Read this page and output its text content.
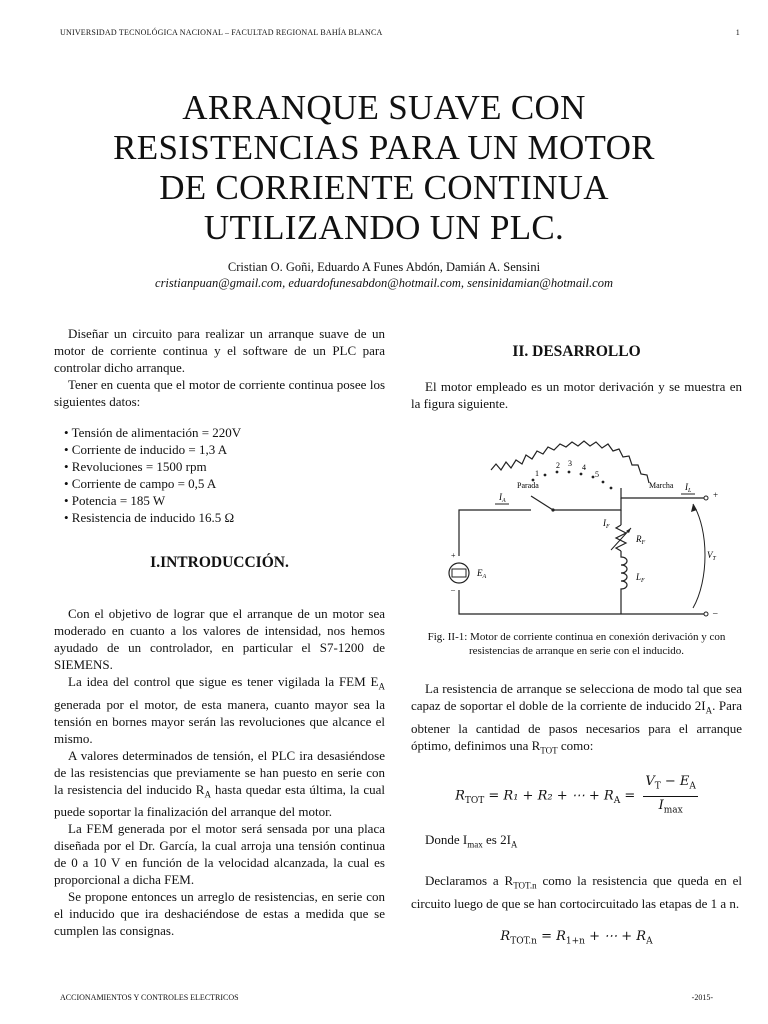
UNIVERSIDAD TECNOLÓGICA NACIONAL – FACULTAD REGIONAL BAHÍA BLANCA	1
ARRANQUE SUAVE CON
RESISTENCIAS PARA UN MOTOR
DE CORRIENTE CONTINUA
UTILIZANDO UN PLC.
Cristian O. Goñi, Eduardo A Funes Abdón, Damián A. Sensini
cristianpuan@gmail.com, eduardofunesabdon@hotmail.com, sensinidamian@hotmail.com

Diseñar un circuito para realizar un arranque suave de un motor de corriente continua y el software de un PLC para controlar dicho arranque.

Tener en cuenta que el motor de corriente continua posee los siguientes datos:

• Tensión de alimentación = 220V
• Corriente de inducido = 1,3 A
• Revoluciones = 1500 rpm
• Corriente de campo = 0,5 A
• Potencia = 185 W
• Resistencia de inducido 16.5 Ω
I.INTRODUCCIÓN.

Con el objetivo de lograr que el arranque de un motor sea moderado en cuanto a los valores de intensidad, nos hemos ayudado de un controlador, en particular el S7-1200 de SIEMENS.

La idea del control que sigue es tener vigilada la FEM $E_A$ generada por el motor, de esta manera, cuanto mayor sea la tensión en bornes mayor serán las revoluciones que alcance el mismo.

A valores determinados de tensión, el PLC ira desasiéndose de las resistencias que previamente se han puesto en serie con la resistencia del inducido $R_A$ hasta quedar esta última, la cual puede soportar la finalización del arranque del motor.

La FEM generada por el motor será sensada por una placa diseñada por el Dr. García, la cual arroja una tensión continua de 0 a 10 V en función de la velocidad alcanzada, la cual es proporcional a dicha FEM.

Se propone entonces un arreglo de resistencias, en serie con el inducido que ira deshaciéndose de estas a medida que se cumplen las consignas.

II. DESARROLLO

El motor empleado es un motor derivación y se muestra en la figura siguiente.

1
2 3 4
5
Parada	Marcha
+
–
+
–
$E_A$
$I_A$
$I_L$
$I_F$
$R_F$
$L_F$
$V_T$
Fig. II-1: Motor de corriente continua en conexión derivación y con resistencias de arranque en serie con el inducido.

La resistencia de arranque se selecciona de modo tal que sea capaz de soportar el doble de la corriente de inducido $2I_A$. Para obtener la cantidad de pasos necesarios para el arranque óptimo, definimos una $R_{TOT}$ como:

$R_{TOT} = R_1 + R_2$ + ⋯ + $R_A = \frac{V_T - E_A}{I_{max}}$

Donde $I_{max}$ es $2I_A$

Declaramos a $R_{TOT.n}$ como la resistencia que queda en el circuito luego de que se han cortocircuitado las etapas de 1 a n.

$R_{TOT.n} = R_{1+n}$ + ⋯ + $R_A$
ACCIONAMIENTOS Y CONTROLES ELECTRICOS	-2015-
